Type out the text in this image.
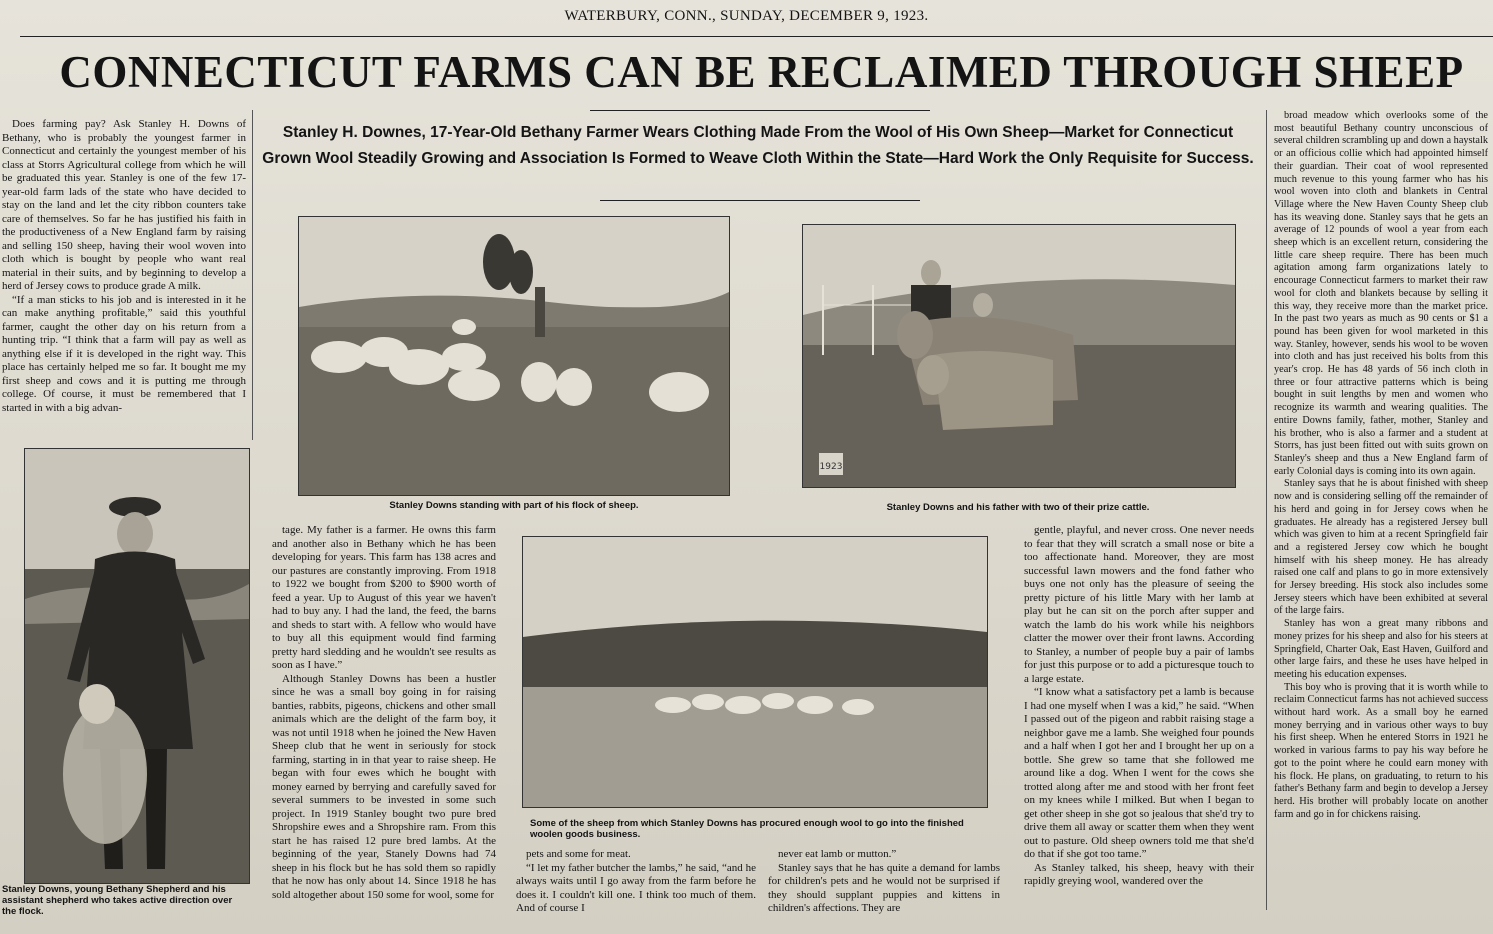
WATERBURY, CONN., SUNDAY, DECEMBER 9, 1923.
CONNECTICUT FARMS CAN BE RECLAIMED THROUGH SHEEP
Stanley H. Downes, 17-Year-Old Bethany Farmer Wears Clothing Made From the Wool of His Own Sheep—Market for Connecticut Grown Wool Steadily Growing and Association Is Formed to Weave Cloth Within the State—Hard Work the Only Requisite for Success.

Does farming pay? Ask Stanley H. Downs of Bethany, who is probably the youngest farmer in Connecticut and certainly the youngest member of his class at Storrs Agricultural college from which he will be graduated this year. Stanley is one of the few 17-year-old farm lads of the state who have decided to stay on the land and let the city ribbon counters take care of themselves. So far he has justified his faith in the productiveness of a New England farm by raising and selling 150 sheep, having their wool woven into cloth which is bought by people who want real material in their suits, and by beginning to develop a herd of Jersey cows to produce grade A milk.

“If a man sticks to his job and is interested in it he can make anything profitable,” said this youthful farmer, caught the other day on his return from a hunting trip. “I think that a farm will pay as well as anything else if it is developed in the right way. This place has certainly helped me so far. It bought me my first sheep and cows and it is putting me through college. Of course, it must be remembered that I started in with a big advan-

Stanley Downs, young Bethany Shepherd and his assistant shepherd who takes active direction over the flock.
Stanley Downs standing with part of his flock of sheep.
1923
Stanley Downs and his father with two of their prize cattle.

tage. My father is a farmer. He owns this farm and another also in Bethany which he has been developing for years. This farm has 138 acres and our pastures are constantly improving. From 1918 to 1922 we bought from $200 to $900 worth of feed a year. Up to August of this year we haven't had to buy any. I had the land, the feed, the barns and sheds to start with. A fellow who would have to buy all this equipment would find farming pretty hard sledding and he wouldn't see results as soon as I have.”

Although Stanley Downs has been a hustler since he was a small boy going in for raising banties, rabbits, pigeons, chickens and other small animals which are the delight of the farm boy, it was not until 1918 when he joined the New Haven Sheep club that he went in seriously for stock farming, starting in in that year to raise sheep. He began with four ewes which he bought with money earned by berrying and carefully saved for several summers to be invested in some such project. In 1919 Stanley bought two pure bred Shropshire ewes and a Shropshire ram. From this start he has raised 12 pure bred lambs. At the beginning of the year, Stanely Downs had 74 sheep in his flock but he has sold them so rapidly that he now has only about 14. Since 1918 he has sold altogether about 150 some for wool, some for

Some of the sheep from which Stanley Downs has procured enough wool to go into the finished woolen goods business.

pets and some for meat.

“I let my father butcher the lambs,” he said, “and he always waits until I go away from the farm before he does it. I couldn't kill one. I think too much of them. And of course I

never eat lamb or mutton.”

Stanley says that he has quite a demand for lambs for children's pets and he would not be surprised if they should supplant puppies and kittens in children's affections. They are

gentle, playful, and never cross. One never needs to fear that they will scratch a small nose or bite a too affectionate hand. Moreover, they are most successful lawn mowers and the fond father who buys one not only has the pleasure of seeing the pretty picture of his little Mary with her lamb at play but he can sit on the porch after supper and watch the lamb do his work while his neighbors clatter the mower over their front lawns. According to Stanley, a number of people buy a pair of lambs for just this purpose or to add a picturesque touch to a large estate.

“I know what a satisfactory pet a lamb is because I had one myself when I was a kid,” he said. “When I passed out of the pigeon and rabbit raising stage a neighbor gave me a lamb. She weighed four pounds and a half when I got her and I brought her up on a bottle. She grew so tame that she followed me around like a dog. When I went for the cows she trotted along after me and stood with her front feet on my knees while I milked. But when I began to get other sheep in she got so jealous that she'd try to drive them all away or scatter them when they went out to pasture. Old sheep owners told me that she'd do that if she got too tame.”

As Stanley talked, his sheep, heavy with their rapidly greying wool, wandered over the

broad meadow which overlooks some of the most beautiful Bethany country unconscious of several children scrambling up and down a haystalk or an officious collie which had appointed himself their guardian. Their coat of wool represented much revenue to this young farmer who has his wool woven into cloth and blankets in Central Village where the New Haven County Sheep club has its weaving done. Stanley says that he gets an average of 12 pounds of wool a year from each sheep which is an excellent return, considering the little care sheep require. There has been much agitation among farm organizations lately to encourage Connecticut farmers to market their raw wool for cloth and blankets because by selling it this way, they receive more than the market price. In the past two years as much as 90 cents or $1 a pound has been given for wool marketed in this way. Stanley, however, sends his wool to be woven into cloth and has just received his bolts from this year's crop. He has 48 yards of 56 inch cloth in three or four attractive patterns which is being bought in suit lengths by men and women who recognize its warmth and wearing qualities. The entire Downs family, father, mother, Stanley and his brother, who is also a farmer and a student at Storrs, has just been fitted out with suits grown on Stanley's sheep and thus a New England farm of early Colonial days is coming into its own again.

Stanley says that he is about finished with sheep now and is considering selling off the remainder of his herd and going in for Jersey cows when he graduates. He already has a registered Jersey bull which was given to him at a recent Springfield fair and a registered Jersey cow which he bought himself with his sheep money. He has already raised one calf and plans to go in more extensively for Jersey breeding. His stock also includes some Jersey steers which have been exhibited at several of the large fairs.

Stanley has won a great many ribbons and money prizes for his sheep and also for his steers at Springfield, Charter Oak, East Haven, Guilford and other large fairs, and these he uses have helped in meeting his education expenses.

This boy who is proving that it is worth while to reclaim Connecticut farms has not achieved success without hard work. As a small boy he earned money berrying and in various other ways to buy his first sheep. When he entered Storrs in 1921 he worked in various farms to pay his way before he got to the point where he could earn money with his flock. He plans, on graduating, to return to his father's Bethany farm and begin to develop a Jersey herd. His brother will probably locate on another farm and go in for chickens raising.
